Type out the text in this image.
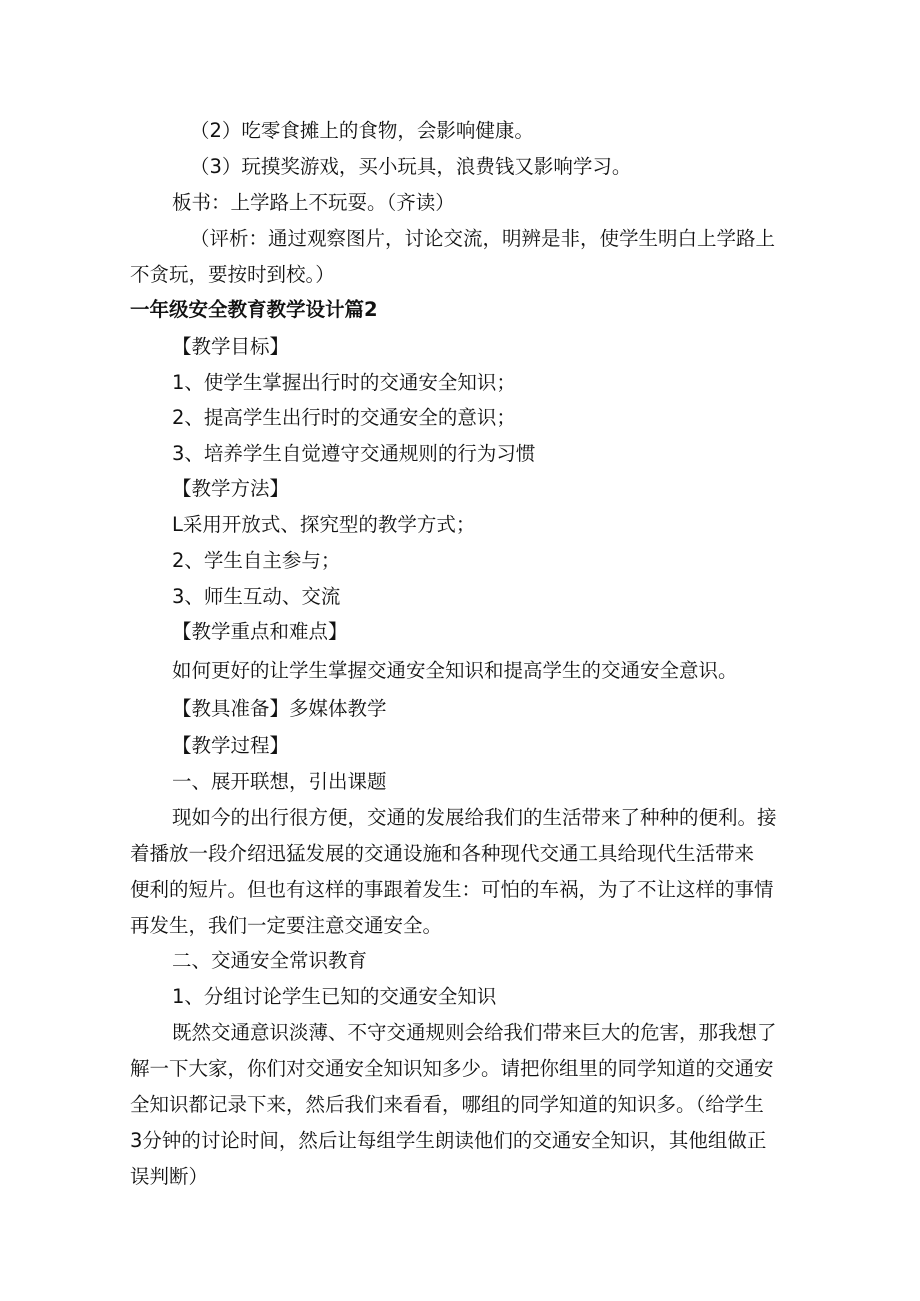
（2）吃零食摊上的食物，会影响健康。
（3）玩摸奖游戏，买小玩具，浪费钱又影响学习。
板书：上学路上不玩耍。（齐读）
（评析：通过观察图片，讨论交流，明辨是非，使学生明白上学路上
不贪玩，要按时到校。）
一年级安全教育教学设计篇2
【教学目标】
1、使学生掌握出行时的交通安全知识；
2、提高学生出行时的交通安全的意识；
3、培养学生自觉遵守交通规则的行为习惯
【教学方法】
L采用开放式、探究型的教学方式；
2、学生自主参与；
3、师生互动、交流
【教学重点和难点】
如何更好的让学生掌握交通安全知识和提高学生的交通安全意识。
【教具准备】多媒体教学
【教学过程】
一、展开联想，引出课题
现如今的出行很方便，交通的发展给我们的生活带来了种种的便利。接
着播放一段介绍迅猛发展的交通设施和各种现代交通工具给现代生活带来
便利的短片。但也有这样的事跟着发生：可怕的车祸，为了不让这样的事情
再发生，我们一定要注意交通安全。
二、交通安全常识教育
1、分组讨论学生已知的交通安全知识
既然交通意识淡薄、不守交通规则会给我们带来巨大的危害，那我想了
解一下大家，你们对交通安全知识知多少。请把你组里的同学知道的交通安
全知识都记录下来，然后我们来看看，哪组的同学知道的知识多。（给学生
3分钟的讨论时间，然后让每组学生朗读他们的交通安全知识，其他组做正
误判断）
